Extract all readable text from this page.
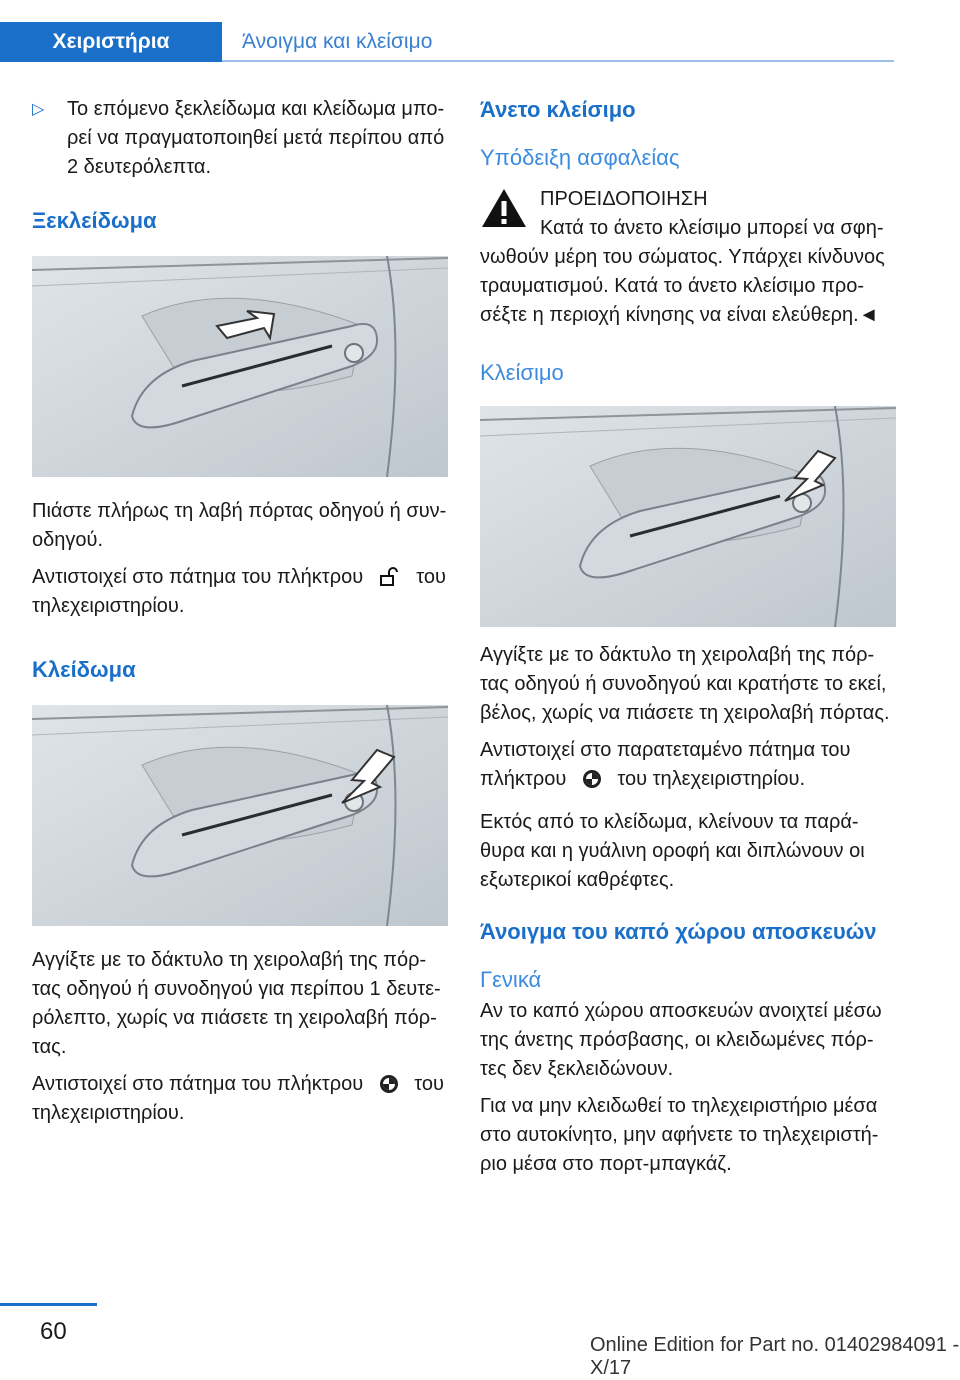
Χειριστήρια	Άνοιγμα και κλείσιμο
▷ Το επόμενο ξεκλείδωμα και κλείδωμα μπο‐ρεί να πραγματοποιηθεί μετά περίπου από 2 δευτερόλεπτα.
Ξεκλείδωμα

Πιάστε πλήρως τη λαβή πόρτας οδηγού ή συν‐οδηγού.

Αντιστοιχεί στο πάτημα του πλήκτρου	του τηλεχειριστηρίου.

Κλείδωμα

Αγγίξτε με το δάκτυλο τη χειρολαβή της πόρ‐τας οδηγού ή συνοδηγού για περίπου 1 δευτε‐ρόλεπτο, χωρίς να πιάσετε τη χειρολαβή πόρ‐τας.

Αντιστοιχεί στο πάτημα του πλήκτρου	του τηλεχειριστηρίου.

Άνετο κλείσιμο
Υπόδειξη ασφαλείας
ΠΡΟΕΙΔΟΠΟΙΗΣΗ

Κατά το άνετο κλείσιμο μπορεί να σφη‐νωθούν μέρη του σώματος. Υπάρχει κίνδυνος τραυματισμού. Κατά το άνετο κλείσιμο προ‐σέξτε η περιοχή κίνησης να είναι ελεύθερη.◄

Κλείσιμο

Αγγίξτε με το δάκτυλο τη χειρολαβή της πόρ‐τας οδηγού ή συνοδηγού και κρατήστε το εκεί, βέλος, χωρίς να πιάσετε τη χειρολαβή πόρτας.

Αντιστοιχεί στο παρατεταμένο πάτημα του πλήκτρου	του τηλεχειριστηρίου.

Εκτός από το κλείδωμα, κλείνουν τα παρά‐θυρα και η γυάλινη οροφή και διπλώνουν οι εξωτερικοί καθρέφτες.

Άνοιγμα του καπό χώρου αποσκευών
Γενικά

Αν το καπό χώρου αποσκευών ανοιχτεί μέσω της άνετης πρόσβασης, οι κλειδωμένες πόρ‐τες δεν ξεκλειδώνουν.

Για να μην κλειδωθεί το τηλεχειριστήριο μέσα στο αυτοκίνητο, μην αφήνετε το τηλεχειριστή‐ριο μέσα στο πορτ-μπαγκάζ.

60	Online Edition for Part no. 01402984091 - X/17
